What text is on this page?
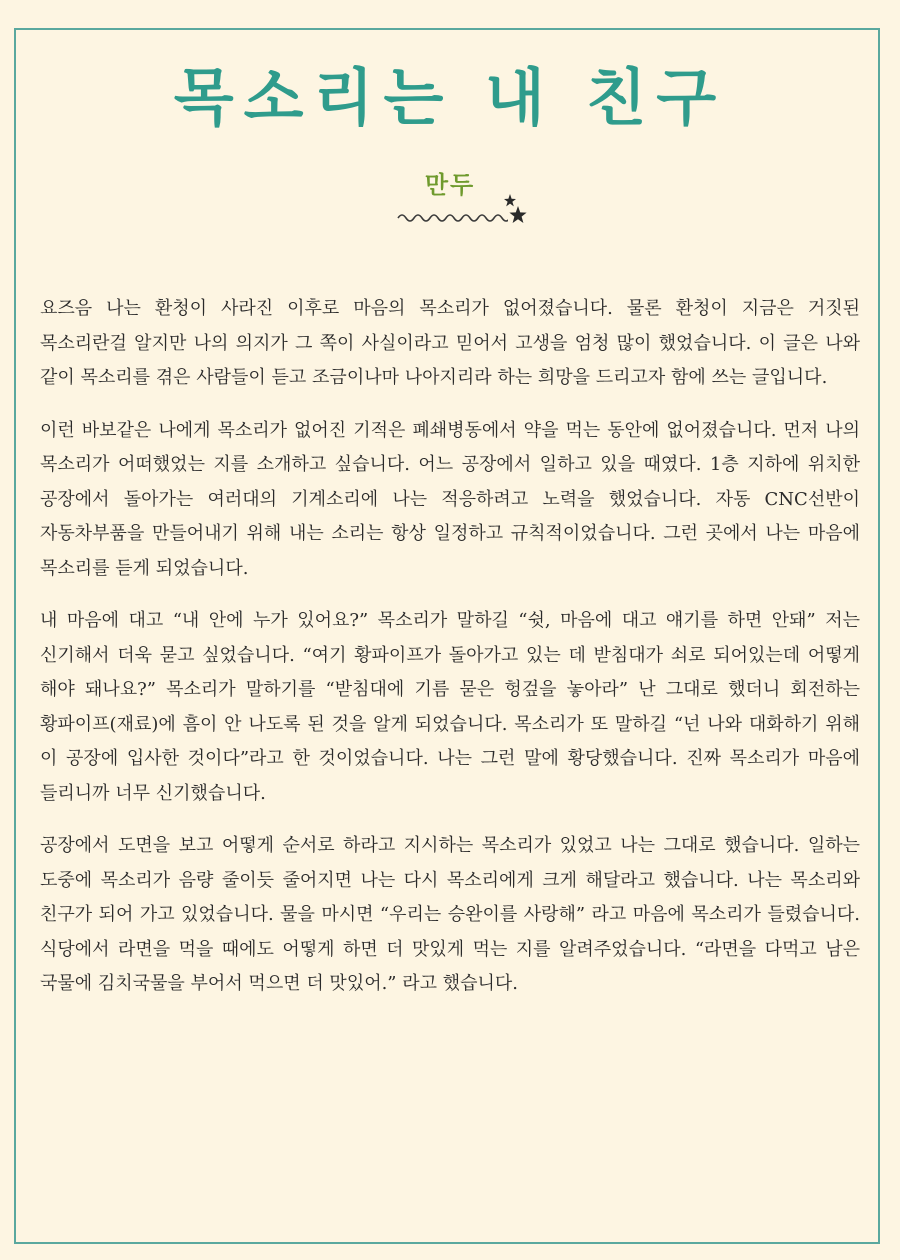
목소리는 내 친구
만두

요즈음 나는 환청이 사라진 이후로 마음의 목소리가 없어졌습니다. 물론 환청이 지금은 거짓된 목소리란걸 알지만 나의 의지가 그 쪽이 사실이라고 믿어서 고생을 엄청 많이 했었습니다. 이 글은 나와 같이 목소리를 겪은 사람들이 듣고 조금이나마 나아지리라 하는 희망을 드리고자 함에 쓰는 글입니다.

이런 바보같은 나에게 목소리가 없어진 기적은 폐쇄병동에서 약을 먹는 동안에 없어졌습니다. 먼저 나의 목소리가 어떠했었는 지를 소개하고 싶습니다. 어느 공장에서 일하고 있을 때였다. 1층 지하에 위치한 공장에서 돌아가는 여러대의 기계소리에 나는 적응하려고 노력을 했었습니다. 자동 CNC선반이 자동차부품을 만들어내기 위해 내는 소리는 항상 일정하고 규칙적이었습니다. 그런 곳에서 나는 마음에 목소리를 듣게 되었습니다.

내 마음에 대고 “내 안에 누가 있어요?” 목소리가 말하길 “쉿, 마음에 대고 얘기를 하면 안돼” 저는 신기해서 더욱 묻고 싶었습니다. “여기 황파이프가 돌아가고 있는 데 받침대가 쇠로 되어있는데 어떻게 해야 돼나요?” 목소리가 말하기를 “받침대에 기름 묻은 헝겊을 놓아라” 난 그대로 했더니 회전하는 황파이프(재료)에 흠이 안 나도록 된 것을 알게 되었습니다. 목소리가 또 말하길 “넌 나와 대화하기 위해 이 공장에 입사한 것이다”라고 한 것이었습니다. 나는 그런 말에 황당했습니다. 진짜 목소리가 마음에 들리니까 너무 신기했습니다.

공장에서 도면을 보고 어떻게 순서로 하라고 지시하는 목소리가 있었고 나는 그대로 했습니다. 일하는 도중에 목소리가 음량 줄이듯 줄어지면 나는 다시 목소리에게 크게 해달라고 했습니다. 나는 목소리와 친구가 되어 가고 있었습니다. 물을 마시면 “우리는 승완이를 사랑해” 라고 마음에 목소리가 들렸습니다. 식당에서 라면을 먹을 때에도 어떻게 하면 더 맛있게 먹는 지를 알려주었습니다. “라면을 다먹고 남은 국물에 김치국물을 부어서 먹으면 더 맛있어.” 라고 했습니다.
